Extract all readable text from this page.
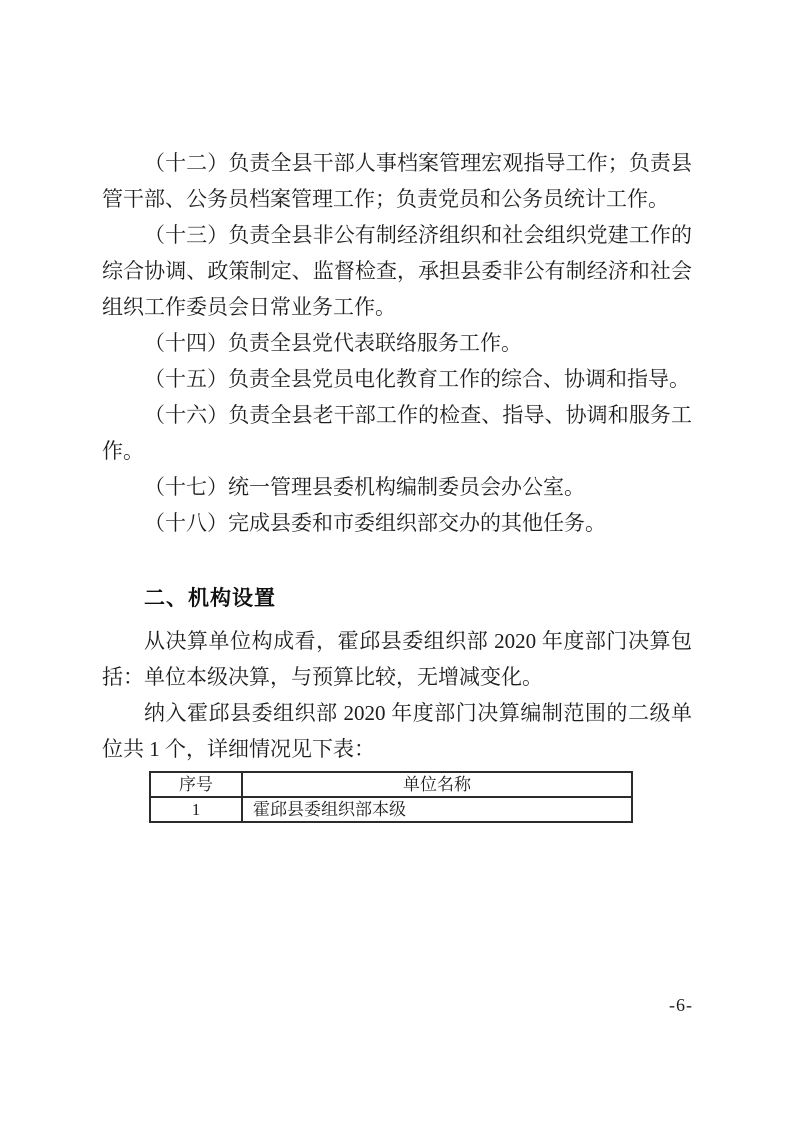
（十二）负责全县干部人事档案管理宏观指导工作；负责县管干部、公务员档案管理工作；负责党员和公务员统计工作。

（十三）负责全县非公有制经济组织和社会组织党建工作的综合协调、政策制定、监督检查，承担县委非公有制经济和社会组织工作委员会日常业务工作。

（十四）负责全县党代表联络服务工作。

（十五）负责全县党员电化教育工作的综合、协调和指导。

（十六）负责全县老干部工作的检查、指导、协调和服务工作。

（十七）统一管理县委机构编制委员会办公室。

（十八）完成县委和市委组织部交办的其他任务。

二、机构设置

从决算单位构成看，霍邱县委组织部 2020 年度部门决算包括：单位本级决算，与预算比较，无增减变化。

纳入霍邱县委组织部 2020 年度部门决算编制范围的二级单位共 1 个，详细情况见下表：

序号	单位名称
1	霍邱县委组织部本级
-6-
